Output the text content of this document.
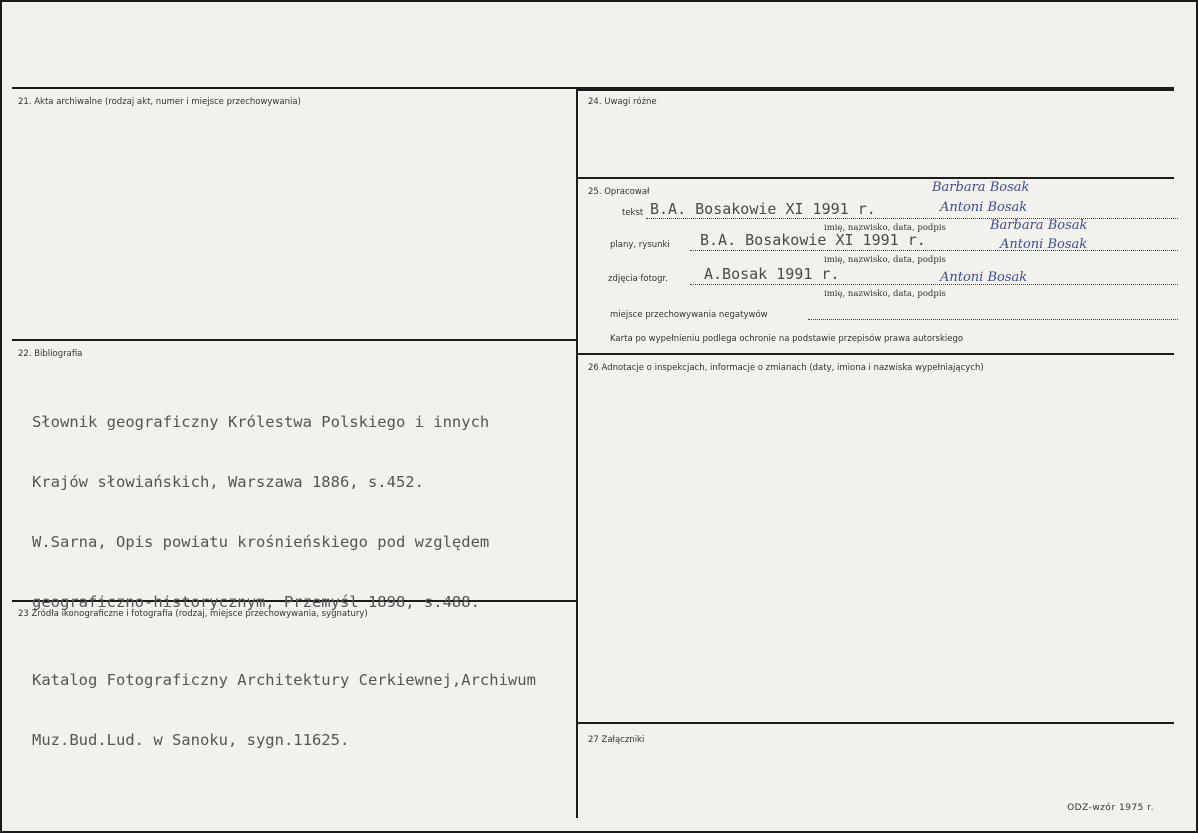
21. Akta archiwalne (rodzaj akt, numer i miejsce przechowywania)
22. Bibliografia

Słownik geograficzny Królestwa Polskiego i innych

Krajów słowiańskich, Warszawa 1886, s.452.

W.Sarna, Opis powiatu krośnieńskiego pod względem

geograficzno-historycznym, Przemyśl 1898, s.488.

23 Źródła ikonograficzne i fotografia (rodzaj, miejsce przechowywania, sygnatury)

Katalog Fotograficzny Architektury Cerkiewnej,Archiwum

Muz.Bud.Lud. w Sanoku, sygn.11625.

24. Uwagi różne
25. Opracował
tekst B.A. Bosakowie XI 1991 r.
imię, nazwisko, data, podpis
Barbara Bosak
Antoni Bosak
plany, rysunki B.A. Bosakowie XI 1991 r.
imię, nazwisko, data, podpis
Barbara Bosak
Antoni Bosak
zdjęcia fotogr. A.Bosak 1991 r.
imię, nazwisko, data, podpis
Antoni Bosak
miejsce przechowywania negatywów
Karta po wypełnieniu podlega ochronie na podstawie przepisów prawa autorskiego
26 Adnotacje o inspekcjach, informacje o zmianach (daty, imiona i nazwiska wypełniających)
27 Załączniki
ODZ-wzór 1975 r.
